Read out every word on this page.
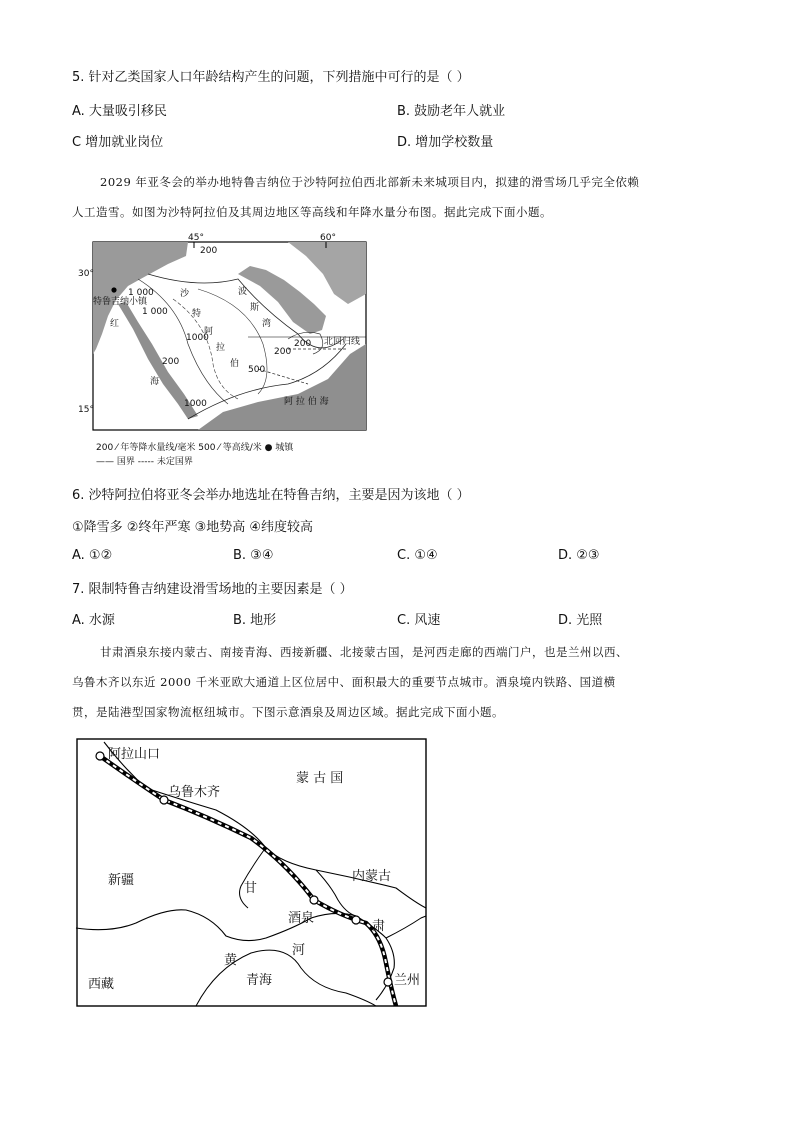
5. 针对乙类国家人口年龄结构产生的问题，下列措施中可行的是（ ）
A. 大量吸引移民	B. 鼓励老年人就业
C 增加就业岗位	D. 增加学校数量
2029 年亚冬会的举办地特鲁吉纳位于沙特阿拉伯西北部新未来城项目内，拟建的滑雪场几乎完全依赖
人工造雪。如图为沙特阿拉伯及其周边地区等高线和年降水量分布图。据此完成下面小题。
45°	60°
30°
15°
200
1 000
1 000
1000
200
500
1000
200
200
特鲁吉纳小镇
红
海
沙
特
阿
拉
伯
波
斯
湾
北回归线
阿 拉 伯 海
200 ⁄ 年等降水量线/毫米 500 ⁄ 等高线/米 ● 城镇
—— 国界 ----- 未定国界
6. 沙特阿拉伯将亚冬会举办地选址在特鲁吉纳，主要是因为该地（ ）
①降雪多 ②终年严寒 ③地势高 ④纬度较高
A. ①②	B. ③④	C. ①④	D. ②③
7. 限制特鲁吉纳建设滑雪场地的主要因素是（ ）
A. 水源	B. 地形	C. 风速	D. 光照
甘肃酒泉东接内蒙古、南接青海、西接新疆、北接蒙古国，是河西走廊的西端门户，也是兰州以西、
乌鲁木齐以东近 2000 千米亚欧大通道上区位居中、面积最大的重要节点城市。酒泉境内铁路、国道横
贯，是陆港型国家物流枢纽城市。下图示意酒泉及周边区域。据此完成下面小题。
阿拉山口
乌鲁木齐
蒙 古 国
新疆	内蒙古
甘
肃
酒泉
黄
河
青海
西藏	兰州
